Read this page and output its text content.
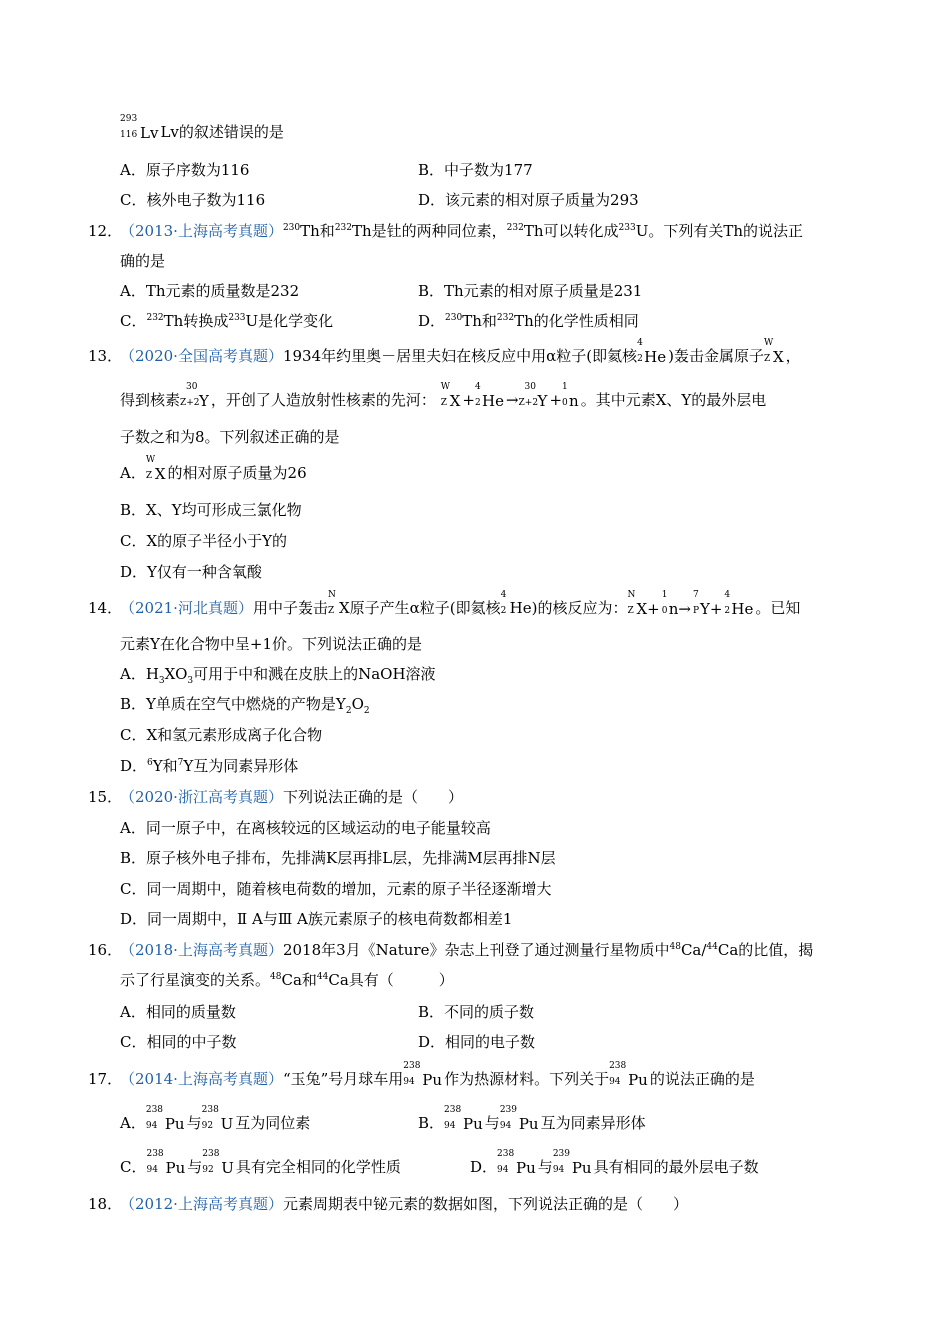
293
116 Lv Lv的叙述错误的是
A．原子序数为116	B．中子数为177
C．核外电子数为116	D．该元素的相对原子质量为293
12．
（2013·上海高考真题）$^{230}$Th和$^{232}$Th是钍的两种同位素，$^{232}$Th可以转化成$^{233}$U。下列有关Th的说法正
确的是
A．Th元素的质量数是232	B．Th元素的相对原子质量是231
C．$^{232}$Th转换成$^{233}$U是化学变化	D．$^{230}$Th和$^{232}$Th的化学性质相同
13．
（2020·全国高考真题）1934年约里奥－居里夫妇在核反应中用α粒子(即氦核
4
2 He )轰击金属原子
W
Z X ，
得到核素
30
Z+2 Y ，开创了人造放射性核素的先河：
W
Z X +
4
2 He →
30
Z+2 Y +
1
0 n 。其中元素X、Y的最外层电
子数之和为8。下列叙述正确的是
A．
W
Z X 的相对原子质量为26
B．X、Y均可形成三氯化物
C．X的原子半径小于Y的
D．Y仅有一种含氧酸
14．
（2021·河北真题）用中子轰击
N
Z X原子产生α粒子(即氦核
4
2 He)的核反应为：
N
Z X+
1
0 n→
7
P Y+
4
2 He 。已知
元素Y在化合物中呈+1价。下列说法正确的是
A．$H_3XO_3$可用于中和溅在皮肤上的NaOH溶液
B．Y单质在空气中燃烧的产物是$Y_2O_2$
C．X和氢元素形成离子化合物
D．$^6$Y和$^7$Y互为同素异形体
15．
（2020·浙江高考真题）下列说法正确的是（　　）
A．同一原子中，在离核较远的区域运动的电子能量较高
B．原子核外电子排布，先排满K层再排L层，先排满M层再排N层
C．同一周期中，随着核电荷数的增加，元素的原子半径逐渐增大
D．同一周期中，Ⅱ A与Ⅲ A族元素原子的核电荷数都相差1
16．
（2018·上海高考真题）2018年3月《Nature》杂志上刊登了通过测量行星物质中$^{48}$Ca/$^{44}$Ca的比值，揭
示了行星演变的关系。$^{48}$Ca和$^{44}$Ca具有（　　　）
A．相同的质量数	B．不同的质子数
C．相同的中子数	D．相同的电子数
17．
（2014·上海高考真题）“玉兔”号月球车用
238
94 Pu 作为热源材料。下列关于
238
94 Pu 的说法正确的是
A．
238
94 Pu 与
238
92 U 互为同位素	B．
238
94 Pu 与
239
94 Pu 互为同素异形体
C．
238
94 Pu 与
238
92 U 具有完全相同的化学性质	D．
238
94 Pu 与
239
94 Pu 具有相同的最外层电子数
18．
（2012·上海高考真题）元素周期表中铋元素的数据如图，下列说法正确的是（　　）
